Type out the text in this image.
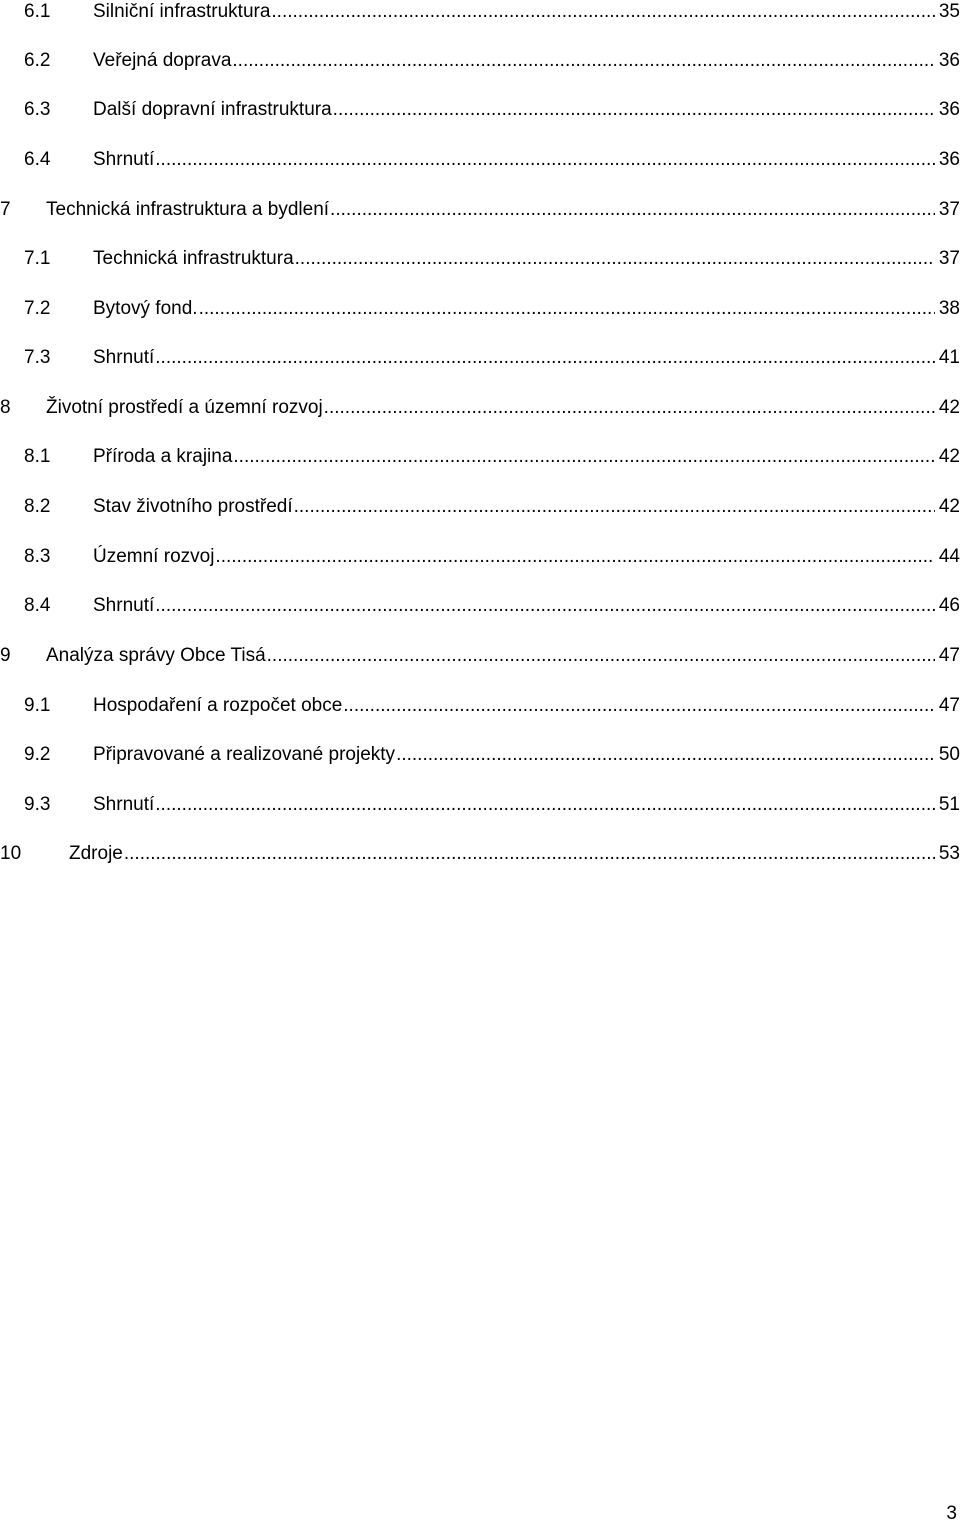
6.1 Silniční infrastruktura .....	35
6.2 Veřejná doprava .....	36
6.3 Další dopravní infrastruktura .....	36
6.4 Shrnutí .....	36
7 Technická infrastruktura a bydlení .....	37
7.1 Technická infrastruktura .....	37
7.2 Bytový fond. .....	38
7.3 Shrnutí .....	41
8 Životní prostředí a územní rozvoj .....	42
8.1 Příroda a krajina .....	42
8.2 Stav životního prostředí .....	42
8.3 Územní rozvoj .....	44
8.4 Shrnutí .....	46
9 Analýza správy Obce Tisá .....	47
9.1 Hospodaření a rozpočet obce .....	47
9.2 Připravované a realizované projekty .....	50
9.3 Shrnutí .....	51
10	Zdroje .....	53
3
